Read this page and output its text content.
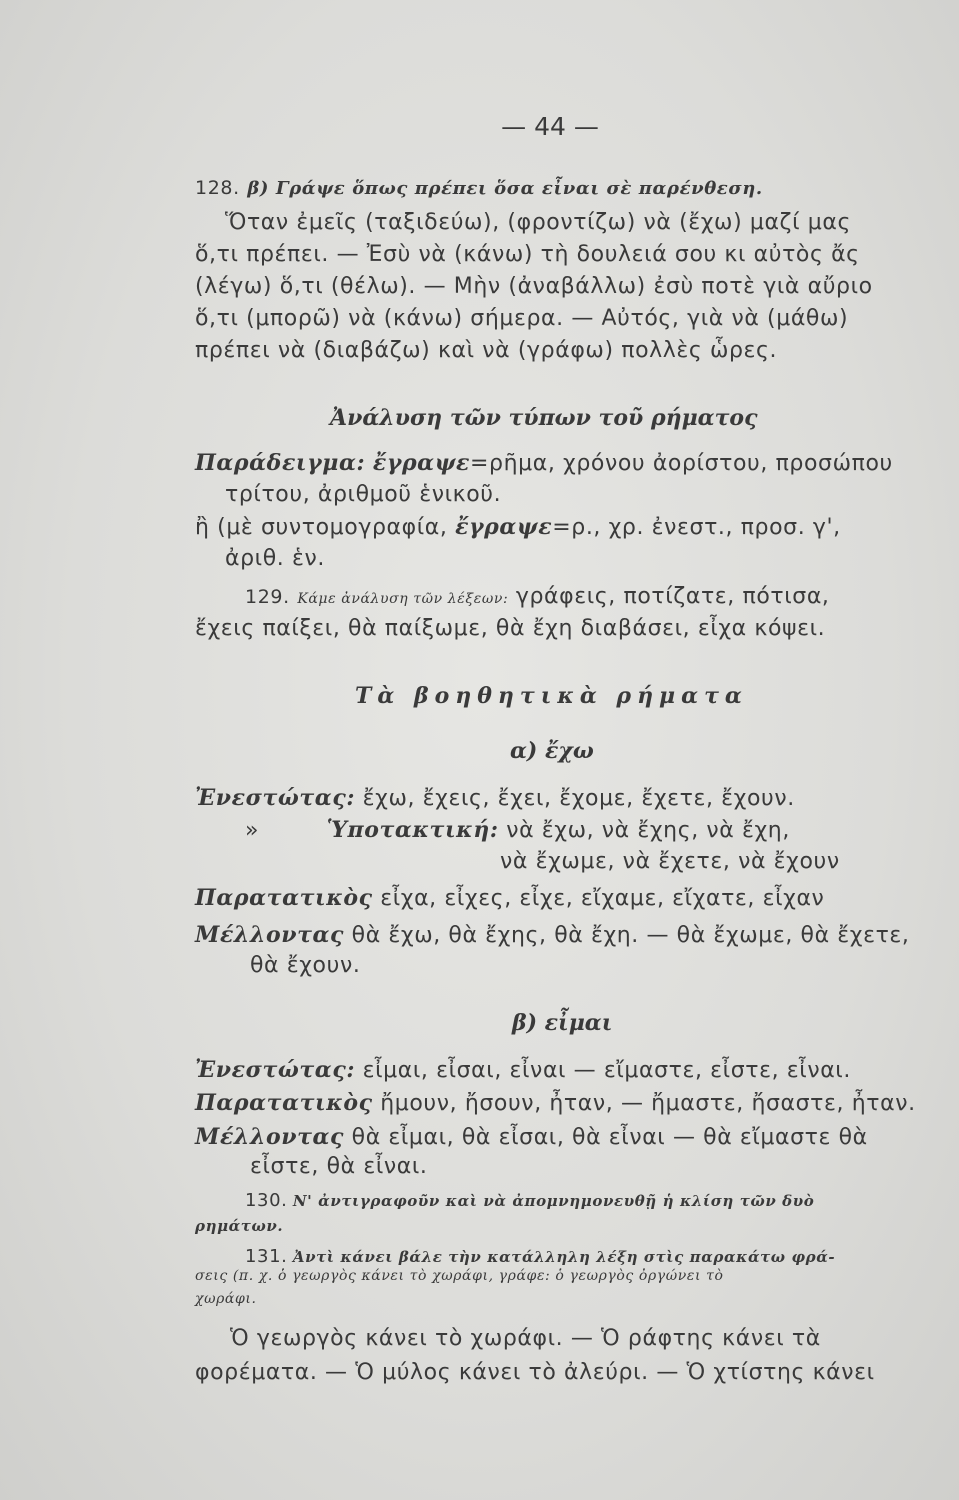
— 44 —
128. β) Γράψε ὅπως πρέπει ὅσα εἶναι σὲ παρένθεση.
Ὅταν ἐμεῖς (ταξιδεύω), (φροντίζω) νὰ (ἔχω) μαζί μας
ὅ,τι πρέπει. — Ἐσὺ νὰ (κάνω) τὴ δουλειά σου κι αὐτὸς ἄς
(λέγω) ὅ,τι (θέλω). — Μὴν (ἀναβάλλω) ἐσὺ ποτὲ γιὰ αὔριο
ὅ,τι (μπορῶ) νὰ (κάνω) σήμερα. — Αὐτός, γιὰ νὰ (μάθω)
πρέπει νὰ (διαβάζω) καὶ νὰ (γράφω) πολλὲς ὧρες.
Ἀνάλυση τῶν τύπων τοῦ ρήματος
Παράδειγμα: ἔγραψε=ρῆμα, χρόνου ἀορίστου, προσώπου
τρίτου, ἀριθμοῦ ἑνικοῦ.
ἢ (μὲ συντομογραφία, ἔγραψε=ρ., χρ. ἐνεστ., προσ. γ',
ἀριθ. ἑν.
129. Κάμε ἀνάλυση τῶν λέξεων: γράφεις, ποτίζατε, πότισα,
ἔχεις παίξει, θὰ παίξωμε, θὰ ἔχη διαβάσει, εἶχα κόψει.
Τὰ βοηθητικὰ ρήματα
α) ἔχω
Ἐνεστώτας: ἔχω, ἔχεις, ἔχει, ἔχομε, ἔχετε, ἔχουν.
»	Ὑποτακτική: νὰ ἔχω, νὰ ἔχης, νὰ ἔχη,
νὰ ἔχωμε, νὰ ἔχετε, νὰ ἔχουν
Παρατατικὸς εἶχα, εἶχες, εἶχε, εἴχαμε, εἴχατε, εἶχαν
Μέλλοντας θὰ ἔχω, θὰ ἔχης, θὰ ἔχη. — θὰ ἔχωμε, θὰ ἔχετε,
θὰ ἔχουν.
β) εἶμαι
Ἐνεστώτας: εἶμαι, εἶσαι, εἶναι — εἴμαστε, εἶστε, εἶναι.
Παρατατικὸς ἤμουν, ἤσουν, ἦταν, — ἤμαστε, ἤσαστε, ἦταν.
Μέλλοντας θὰ εἶμαι, θὰ εἶσαι, θὰ εἶναι — θὰ εἴμαστε θὰ
εἶστε, θὰ εἶναι.
130. Ν' ἀντιγραφοῦν καὶ νὰ ἀπομνημονευθῇ ἡ κλίση τῶν δυὸ
ρημάτων.
131. Ἀντὶ κάνει βάλε τὴν κατάλληλη λέξη στὶς παρακάτω φρά-
σεις (π. χ. ὁ γεωργὸς κάνει τὸ χωράφι, γράφε: ὁ γεωργὸς ὀργώνει τὸ
χωράφι.
Ὁ γεωργὸς κάνει τὸ χωράφι. — Ὁ ράφτης κάνει τὰ
φορέματα. — Ὁ μύλος κάνει τὸ ἀλεύρι. — Ὁ χτίστης κάνει
